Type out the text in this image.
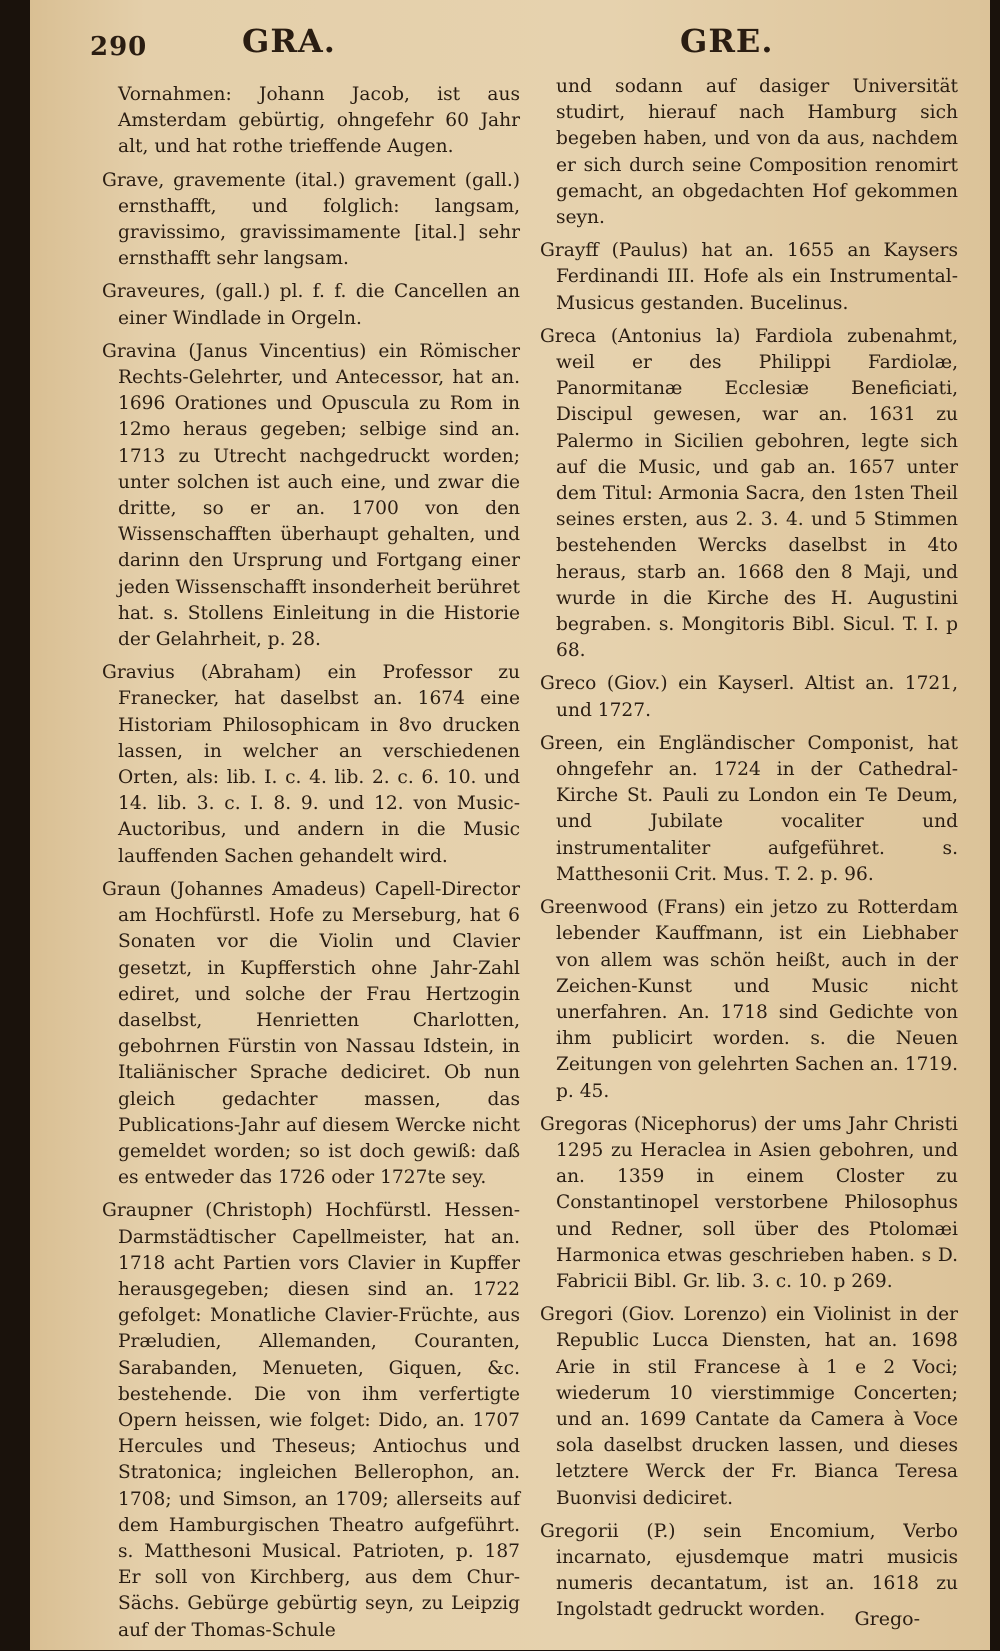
290	GRA.	GRE.

Vornahmen: Johann Jacob, ist aus Amsterdam gebürtig, ohngefehr 60 Jahr alt, und hat rothe trieffende Augen.

Grave, gravemente (ital.) gravement (gall.) ernsthafft, und folglich: langsam, gravissimo, gravissimamente [ital.] sehr ernsthafft sehr langsam.

Graveures, (gall.) pl. f. f. die Cancellen an einer Windlade in Orgeln.

Gravina (Janus Vincentius) ein Römischer Rechts-Gelehrter, und Antecessor, hat an. 1696 Orationes und Opuscula zu Rom in 12mo heraus gegeben; selbige sind an. 1713 zu Utrecht nachgedruckt worden; unter solchen ist auch eine, und zwar die dritte, so er an. 1700 von den Wissenschafften überhaupt gehalten, und darinn den Ursprung und Fortgang einer jeden Wissenschafft insonderheit berühret hat. s. Stollens Einleitung in die Historie der Gelahrheit, p. 28.

Gravius (Abraham) ein Professor zu Franecker, hat daselbst an. 1674 eine Historiam Philosophicam in 8vo drucken lassen, in welcher an verschiedenen Orten, als: lib. I. c. 4. lib. 2. c. 6. 10. und 14. lib. 3. c. I. 8. 9. und 12. von Music-Auctoribus, und andern in die Music lauffenden Sachen gehandelt wird.

Graun (Johannes Amadeus) Capell-Director am Hochfürstl. Hofe zu Merseburg, hat 6 Sonaten vor die Violin und Clavier gesetzt, in Kupfferstich ohne Jahr-Zahl ediret, und solche der Frau Hertzogin daselbst, Henrietten Charlotten, gebohrnen Fürstin von Nassau Idstein, in Italiänischer Sprache dediciret. Ob nun gleich gedachter massen, das Publications-Jahr auf diesem Wercke nicht gemeldet worden; so ist doch gewiß: daß es entweder das 1726 oder 1727te sey.

Graupner (Christoph) Hochfürstl. Hessen-Darmstädtischer Capellmeister, hat an. 1718 acht Partien vors Clavier in Kupffer herausgegeben; diesen sind an. 1722 gefolget: Monatliche Clavier-Früchte, aus Præludien, Allemanden, Couranten, Sarabanden, Menueten, Giquen, &c. bestehende. Die von ihm verfertigte Opern heissen, wie folget: Dido, an. 1707 Hercules und Theseus; Antiochus und Stratonica; ingleichen Bellerophon, an. 1708; und Simson, an 1709; allerseits auf dem Hamburgischen Theatro aufgeführt. s. Matthesoni Musical. Patrioten, p. 187 Er soll von Kirchberg, aus dem Chur-Sächs. Gebürge gebürtig seyn, zu Leipzig auf der Thomas-Schule

und sodann auf dasiger Universität studirt, hierauf nach Hamburg sich begeben haben, und von da aus, nachdem er sich durch seine Composition renomirt gemacht, an obgedachten Hof gekommen seyn.

Grayff (Paulus) hat an. 1655 an Kaysers Ferdinandi III. Hofe als ein Instrumental-Musicus gestanden. Bucelinus.

Greca (Antonius la) Fardiola zubenahmt, weil er des Philippi Fardiolæ, Panormitanæ Ecclesiæ Beneficiati, Discipul gewesen, war an. 1631 zu Palermo in Sicilien gebohren, legte sich auf die Music, und gab an. 1657 unter dem Titul: Armonia Sacra, den 1sten Theil seines ersten, aus 2. 3. 4. und 5 Stimmen bestehenden Wercks daselbst in 4to heraus, starb an. 1668 den 8 Maji, und wurde in die Kirche des H. Augustini begraben. s. Mongitoris Bibl. Sicul. T. I. p 68.

Greco (Giov.) ein Kayserl. Altist an. 1721, und 1727.

Green, ein Engländischer Componist, hat ohngefehr an. 1724 in der Cathedral-Kirche St. Pauli zu London ein Te Deum, und Jubilate vocaliter und instrumentaliter aufgeführet. s. Matthesonii Crit. Mus. T. 2. p. 96.

Greenwood (Frans) ein jetzo zu Rotterdam lebender Kauffmann, ist ein Liebhaber von allem was schön heißt, auch in der Zeichen-Kunst und Music nicht unerfahren. An. 1718 sind Gedichte von ihm publicirt worden. s. die Neuen Zeitungen von gelehrten Sachen an. 1719. p. 45.

Gregoras (Nicephorus) der ums Jahr Christi 1295 zu Heraclea in Asien gebohren, und an. 1359 in einem Closter zu Constantinopel verstorbene Philosophus und Redner, soll über des Ptolomæi Harmonica etwas geschrieben haben. s D. Fabricii Bibl. Gr. lib. 3. c. 10. p 269.

Gregori (Giov. Lorenzo) ein Violinist in der Republic Lucca Diensten, hat an. 1698 Arie in stil Francese à 1 e 2 Voci; wiederum 10 vierstimmige Concerten; und an. 1699 Cantate da Camera à Voce sola daselbst drucken lassen, und dieses letztere Werck der Fr. Bianca Teresa Buonvisi dediciret.

Gregorii (P.) sein Encomium, Verbo incarnato, ejusdemque matri musicis numeris decantatum, ist an. 1618 zu Ingolstadt gedruckt worden.	Grego-
